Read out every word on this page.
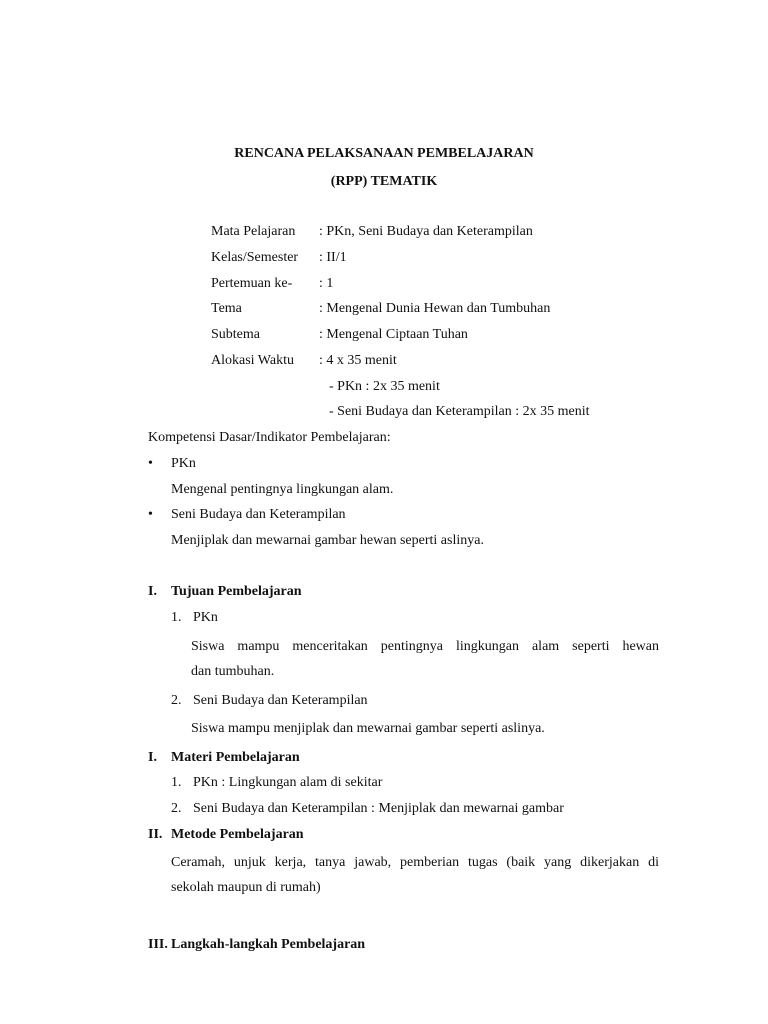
RENCANA PELAKSANAAN PEMBELAJARAN
(RPP) TEMATIK
Mata Pelajaran : PKn, Seni Budaya dan Keterampilan
Kelas/Semester : II/1
Pertemuan ke- : 1
Tema	: Mengenal Dunia Hewan dan Tumbuhan
Subtema	: Mengenal Ciptaan Tuhan
Alokasi Waktu : 4 x 35 menit
- PKn : 2x 35 menit
- Seni Budaya dan Keterampilan : 2x 35 menit
Kompetensi Dasar/Indikator Pembelajaran:
• PKn
Mengenal pentingnya lingkungan alam.
• Seni Budaya dan Keterampilan
Menjiplak dan mewarnai gambar hewan seperti aslinya.
I. Tujuan Pembelajaran
1. PKn
Siswa mampu menceritakan pentingnya lingkungan alam seperti hewan
dan tumbuhan.
2. Seni Budaya dan Keterampilan
Siswa mampu menjiplak dan mewarnai gambar seperti aslinya.
I. Materi Pembelajaran
1. PKn : Lingkungan alam di sekitar
2. Seni Budaya dan Keterampilan : Menjiplak dan mewarnai gambar
II. Metode Pembelajaran
Ceramah, unjuk kerja, tanya jawab, pemberian tugas (baik yang dikerjakan di
sekolah maupun di rumah)
III. Langkah-langkah Pembelajaran
